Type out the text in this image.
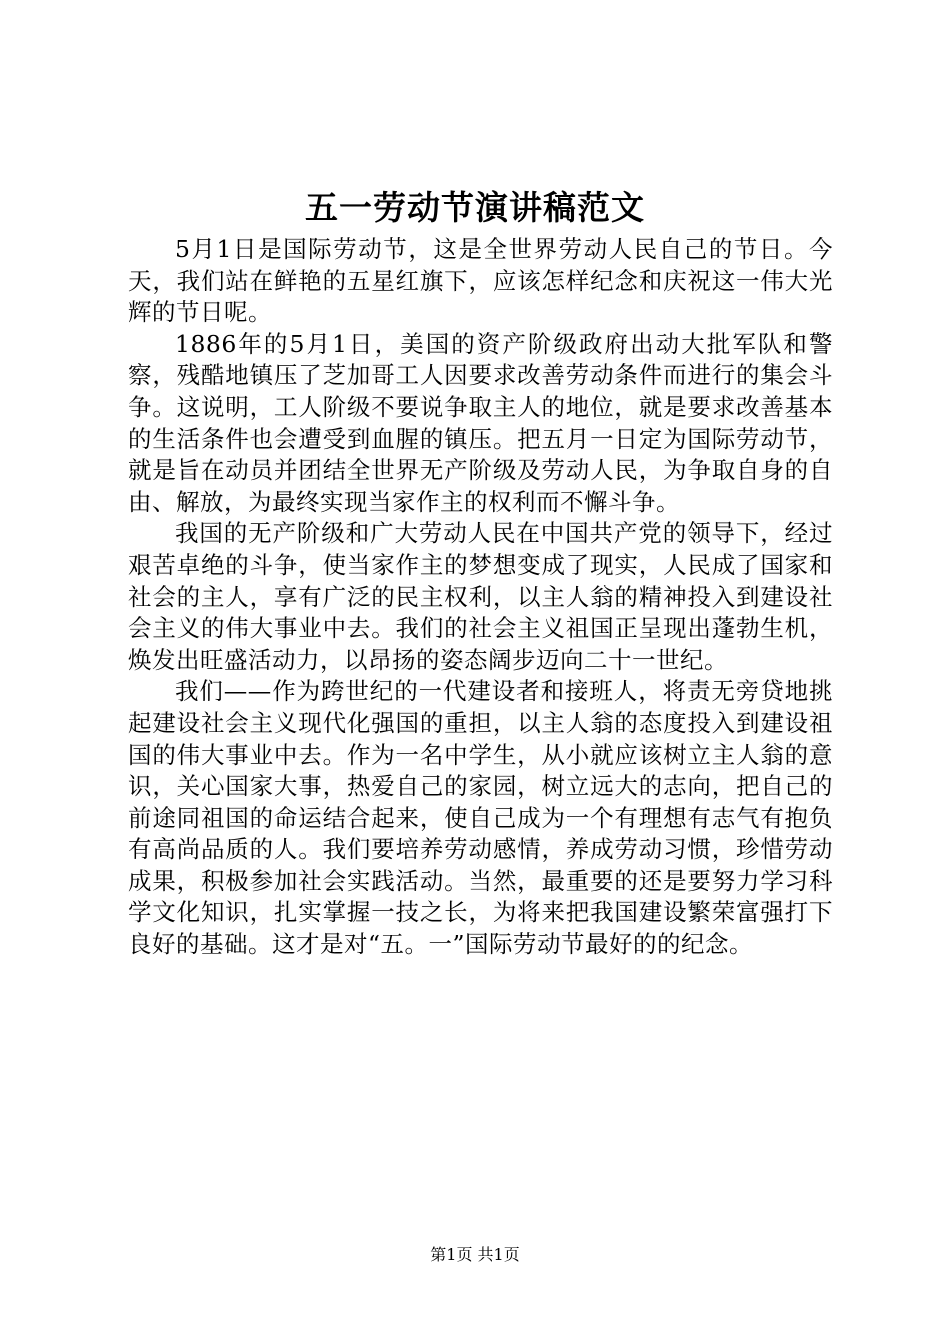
五一劳动节演讲稿范文

5月1日是国际劳动节，这是全世界劳动人民自己的节日。今天，我们站在鲜艳的五星红旗下，应该怎样纪念和庆祝这一伟大光辉的节日呢。

1886年的5月1日，美国的资产阶级政府出动大批军队和警察，残酷地镇压了芝加哥工人因要求改善劳动条件而进行的集会斗争。这说明，工人阶级不要说争取主人的地位，就是要求改善基本的生活条件也会遭受到血腥的镇压。把五月一日定为国际劳动节，就是旨在动员并团结全世界无产阶级及劳动人民，为争取自身的自由、解放，为最终实现当家作主的权利而不懈斗争。

我国的无产阶级和广大劳动人民在中国共产党的领导下，经过艰苦卓绝的斗争，使当家作主的梦想变成了现实，人民成了国家和社会的主人，享有广泛的民主权利，以主人翁的精神投入到建设社会主义的伟大事业中去。我们的社会主义祖国正呈现出蓬勃生机，焕发出旺盛活动力，以昂扬的姿态阔步迈向二十一世纪。

我们——作为跨世纪的一代建设者和接班人，将责无旁贷地挑起建设社会主义现代化强国的重担，以主人翁的态度投入到建设祖国的伟大事业中去。作为一名中学生，从小就应该树立主人翁的意识，关心国家大事，热爱自己的家园，树立远大的志向，把自己的前途同祖国的命运结合起来，使自己成为一个有理想有志气有抱负有高尚品质的人。我们要培养劳动感情，养成劳动习惯，珍惜劳动成果，积极参加社会实践活动。当然，最重要的还是要努力学习科学文化知识，扎实掌握一技之长，为将来把我国建设繁荣富强打下良好的基础。这才是对“五。一”国际劳动节最好的的纪念。

第1页 共1页
